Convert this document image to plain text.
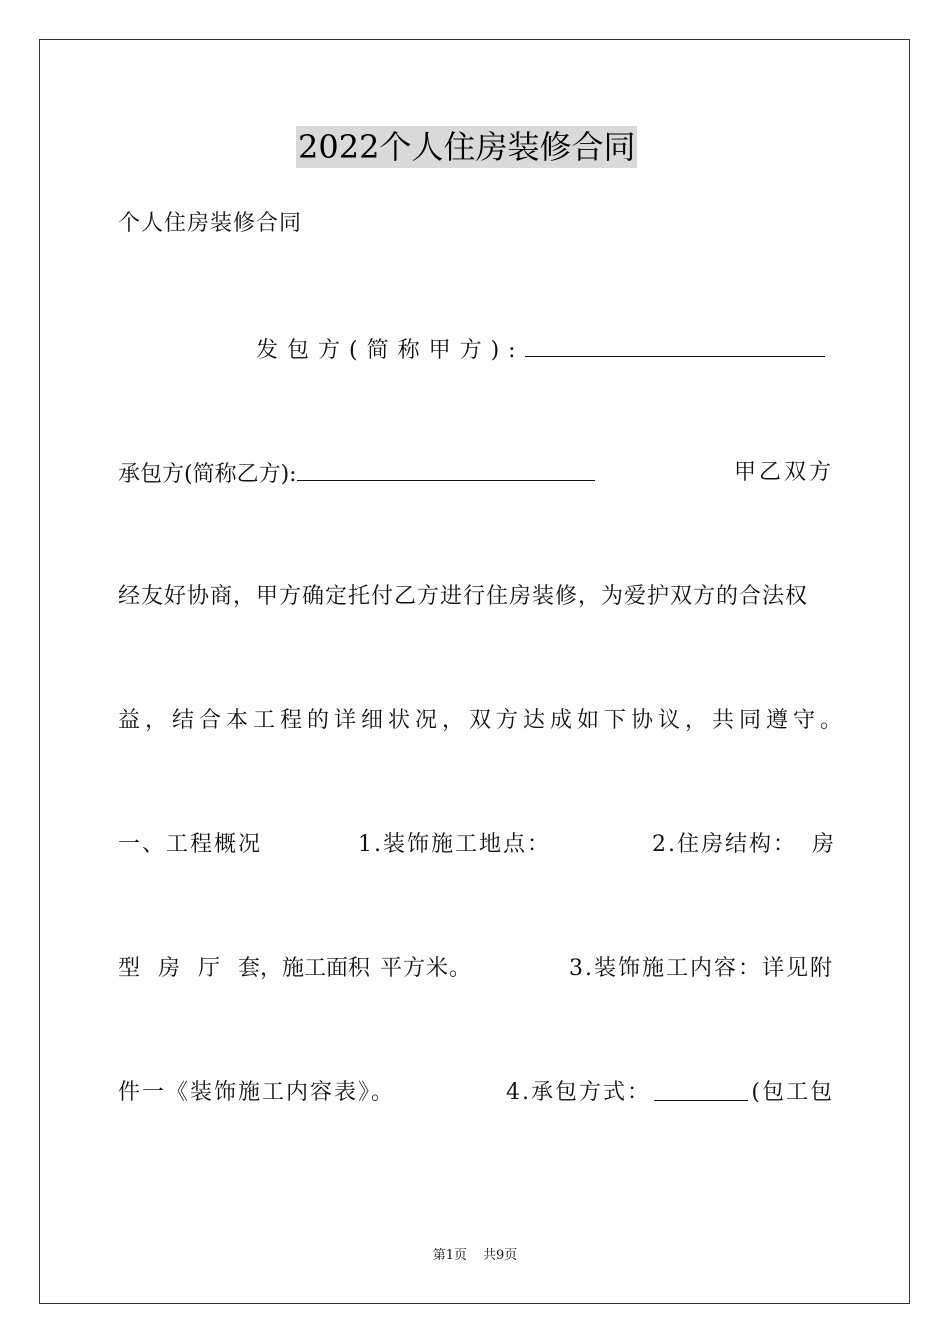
2022个人住房装修合同
个人住房装修合同
发包方(简称甲方):
承包方(简称乙方):	甲乙双方
经友好协商，甲方确定托付乙方进行住房装修，为爱护双方的合法权
益，结合本工程的详细状况，双方达成如下协议，共同遵守。
一、工程概况	1.装饰施工地点：	2.住房结构： 房
型 房 厅 套，施工面积 平方米。	3.装饰施工内容：详见附
件一《装饰施工内容表》。	4.承包方式：	(包工包
第1页 共9页
